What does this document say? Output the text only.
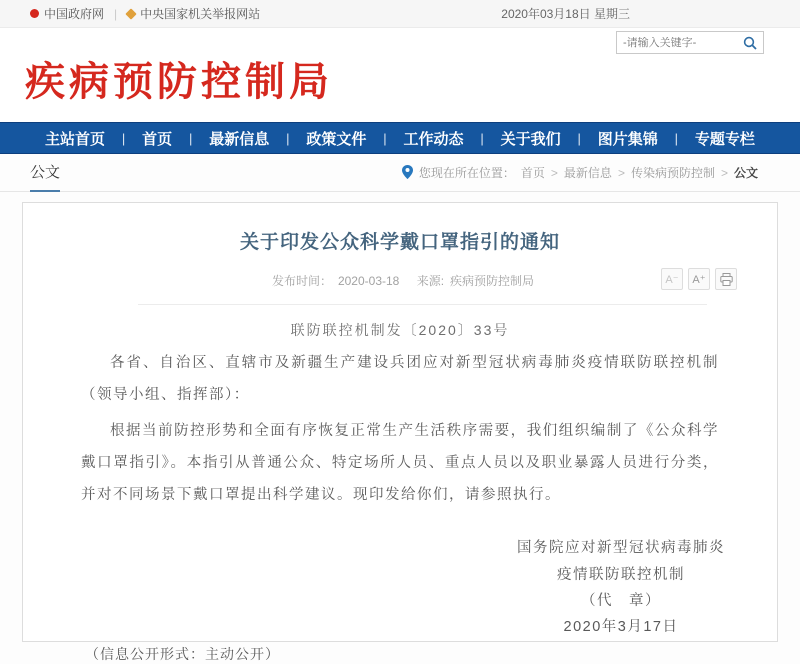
中国政府网 | 中央国家机关举报网站	2020年03月18日 星期三
-请输入关键字-
疾病预防控制局
主站首页 | 首页 | 最新信息 | 政策文件 | 工作动态 | 关于我们 | 图片集锦 | 专题专栏
公文	您现在所在位置： 首页 > 最新信息 > 传染病预防控制 > 公文
关于印发公众科学戴口罩指引的通知
发布时间： 2020-03-18 来源: 疾病预防控制局	A⁻	A⁺
联防联控机制发〔2020〕33号

各省、自治区、直辖市及新疆生产建设兵团应对新型冠状病毒肺炎疫情联防联控机制（领导小组、指挥部）：

根据当前防控形势和全面有序恢复正常生产生活秩序需要，我们组织编制了《公众科学戴口罩指引》。本指引从普通公众、特定场所人员、重点人员以及职业暴露人员进行分类，并对不同场景下戴口罩提出科学建议。现印发给你们，请参照执行。

国务院应对新型冠状病毒肺炎
疫情联防联控机制
（代　章）
2020年3月17日
（信息公开形式：主动公开）
